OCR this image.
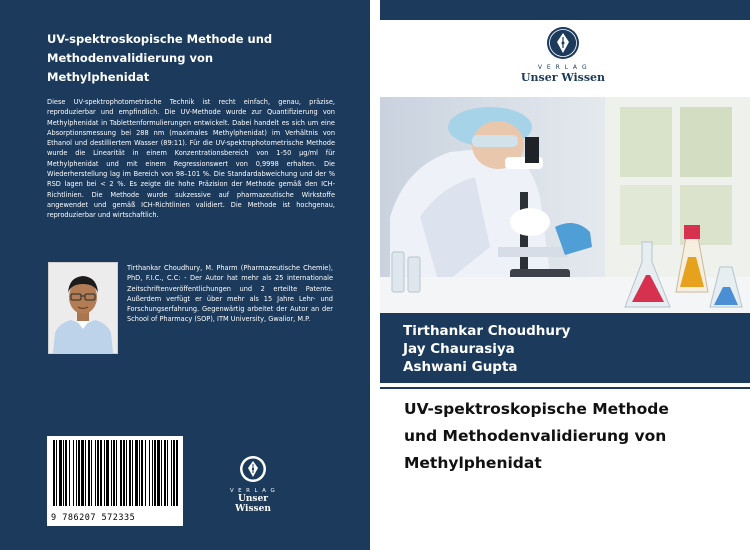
UV-spektroskopische Methode und
Methodenvalidierung von
Methylphenidat
Diese UV-spektrophotometrische Technik ist recht einfach, genau, präzise, reproduzierbar und empfindlich. Die UV-Methode wurde zur Quantifizierung von Methylphenidat in Tablettenformulierungen entwickelt. Dabei handelt es sich um eine Absorptionsmessung bei 288 nm (maximales Methylphenidat) im Verhältnis von Ethanol und destilliertem Wasser (89:11). Für die UV-spektrophotometrische Methode wurde die Linearität in einem Konzentrationsbereich von 1-50 µg/ml für Methylphenidat und mit einem Regressionswert von 0,9998 erhalten. Die Wiederherstellung lag im Bereich von 98–101 %. Die Standardabweichung und der % RSD lagen bei < 2 %. Es zeigte die hohe Präzision der Methode gemäß den ICH-Richtlinien. Die Methode wurde sukzessive auf pharmazeutische Wirkstoffe angewendet und gemäß ICH-Richtlinien validiert. Die Methode ist hochgenau, reproduzierbar und wirtschaftlich.
Tirthankar Choudhury, M. Pharm (Pharmazeutische Chemie), PhD, F.I.C., C.C: - Der Autor hat mehr als 25 internationale Zeitschriftenveröffentlichungen und 2 erteilte Patente. Außerdem verfügt er über mehr als 15 Jahre Lehr- und Forschungserfahrung. Gegenwärtig arbeitet der Autor an der School of Pharmacy (SOP), ITM University, Gwalior, M.P.
9 786207 572335
V E R L A G
Unser Wissen
V E R L A G
Unser Wissen
Tirthankar Choudhury
Jay Chaurasiya
Ashwani Gupta
UV-spektroskopische Methode
und Methodenvalidierung von
Methylphenidat
